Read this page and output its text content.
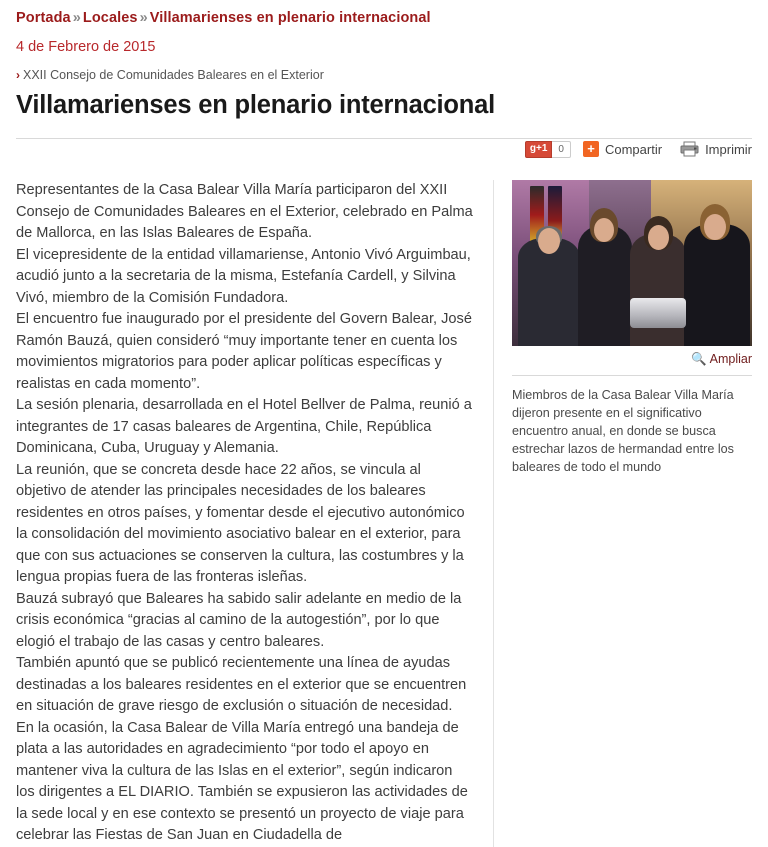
Portada » Locales » Villamarienses en plenario internacional
4 de Febrero de 2015
› XXII Consejo de Comunidades Baleares en el Exterior
Villamarienses en plenario internacional
g+1	0	+ Compartir	Imprimir

Representantes de la Casa Balear Villa María participaron del XXII Consejo de Comunidades Baleares en el Exterior, celebrado en Palma de Mallorca, en las Islas Baleares de España.

El vicepresidente de la entidad villamariense, Antonio Vivó Arguimbau, acudió junto a la secretaria de la misma, Estefanía Cardell, y Silvina Vivó, miembro de la Comisión Fundadora.

El encuentro fue inaugurado por el presidente del Govern Balear, José Ramón Bauzá, quien consideró “muy importante tener en cuenta los movimientos migratorios para poder aplicar políticas específicas y realistas en cada momento”.

La sesión plenaria, desarrollada en el Hotel Bellver de Palma, reunió a integrantes de 17 casas baleares de Argentina, Chile, República Dominicana, Cuba, Uruguay y Alemania.

La reunión, que se concreta desde hace 22 años, se vincula al objetivo de atender las principales necesidades de los baleares residentes en otros países, y fomentar desde el ejecutivo autonómico la consolidación del movimiento asociativo balear en el exterior, para que con sus actuaciones se conserven la cultura, las costumbres y la lengua propias fuera de las fronteras isleñas.

Bauzá subrayó que Baleares ha sabido salir adelante en medio de la crisis económica “gracias al camino de la autogestión”, por lo que elogió el trabajo de las casas y centro baleares.

También apuntó que se publicó recientemente una línea de ayudas destinadas a los baleares residentes en el exterior que se encuentren en situación de grave riesgo de exclusión o situación de necesidad.

En la ocasión, la Casa Balear de Villa María entregó una bandeja de plata a las autoridades en agradecimiento “por todo el apoyo en mantener viva la cultura de las Islas en el exterior”, según indicaron los dirigentes a EL DIARIO. También se expusieron las actividades de la sede local y en ese contexto se presentó un proyecto de viaje para celebrar las Fiestas de San Juan en Ciudadella de

🔍 Ampliar
Miembros de la Casa Balear Villa María dijeron presente en el significativo encuentro anual, en donde se busca estrechar lazos de hermandad entre los baleares de todo el mundo
